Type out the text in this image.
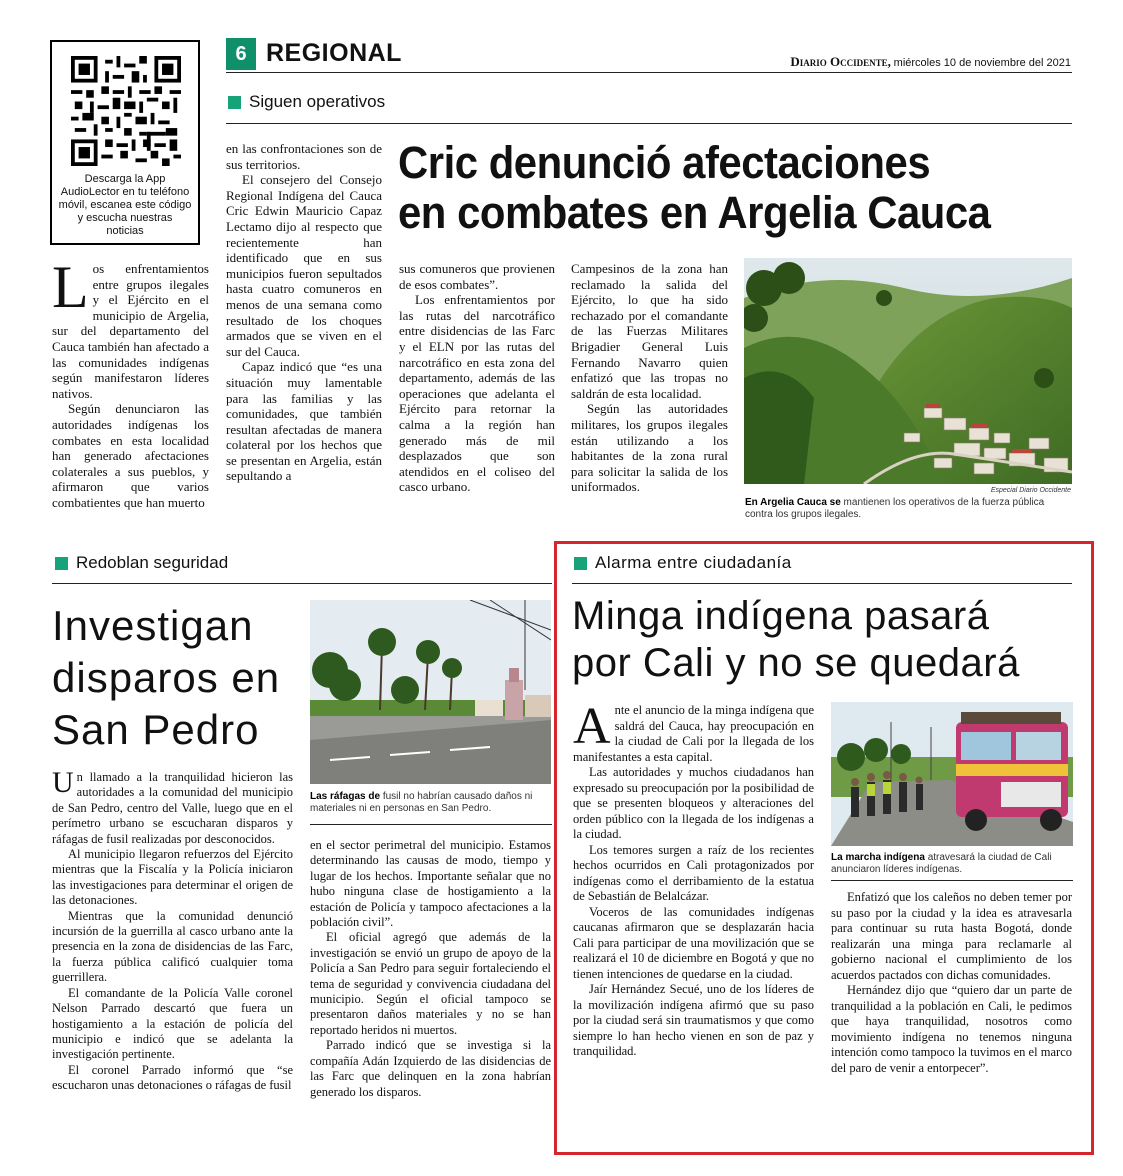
6 REGIONAL	Diario Occidente, miércoles 10 de noviembre del 2021
Descarga la App AudioLector en tu teléfono móvil, escanea este código y escucha nuestras noticias
Siguen operativos
Cric denunció afectaciones
en combates en Argelia Cauca

Los enfrentamientos entre grupos ilegales y el Ejército en el municipio de Argelia, sur del departamento del Cauca también han afectado a las comunidades indígenas según manifestaron líderes nativos.

Según denunciaron las autoridades indígenas los combates en esta localidad han generado afectaciones colaterales a sus pueblos, y afirmaron que varios combatientes que han muerto

en las confrontaciones son de sus territorios.

El consejero del Consejo Regional Indígena del Cauca Cric Edwin Mauricio Capaz Lectamo dijo al respecto que recientemente han identificado que en sus municipios fueron sepultados hasta cuatro comuneros en menos de una semana como resultado de los choques armados que se viven en el sur del Cauca.

Capaz indicó que “es una situación muy lamentable para las familias y las comunidades, que también resultan afectadas de manera colateral por los hechos que se presentan en Argelia, están sepultando a

sus comuneros que provienen de esos combates”.

Los enfrentamientos por las rutas del narcotráfico entre disidencias de las Farc y el ELN por las rutas del narcotráfico en esta zona del departamento, además de las operaciones que adelanta el Ejército para retornar la calma a la región han generado más de mil desplazados que son atendidos en el coliseo del casco urbano.

Campesinos de la zona han reclamado la salida del Ejército, lo que ha sido rechazado por el comandante de las Fuerzas Militares Brigadier General Luis Fernando Navarro quien enfatizó que las tropas no saldrán de esta localidad.

Según las autoridades militares, los grupos ilegales están utilizando a los habitantes de la zona rural para solicitar la salida de los uniformados.	Especial Diario Occidente
En Argelia Cauca se mantienen los operativos de la fuerza pública contra los grupos ilegales.
Redoblan seguridad
Investigan
disparos en
San Pedro
Las ráfagas de fusil no habrían causado daños ni materiales ni en personas en San Pedro.

Un llamado a la tranquilidad hicieron las autoridades a la comunidad del municipio de San Pedro, centro del Valle, luego que en el perímetro urbano se escucharan disparos y ráfagas de fusil realizadas por desconocidos.

Al municipio llegaron refuerzos del Ejército mientras que la Fiscalía y la Policía iniciaron las investigaciones para determinar el origen de las detonaciones.

Mientras que la comunidad denunció incursión de la guerrilla al casco urbano ante la presencia en la zona de disidencias de las Farc, la fuerza pública calificó cualquier toma guerrillera.

El comandante de la Policía Valle coronel Nelson Parrado descartó que fuera un hostigamiento a la estación de policía del municipio e indicó que se adelanta la investigación pertinente.

El coronel Parrado informó que “se escucharon unas detonaciones o ráfagas de fusil

en el sector perimetral del municipio. Estamos determinando las causas de modo, tiempo y lugar de los hechos. Importante señalar que no hubo ninguna clase de hostigamiento a la estación de Policía y tampoco afectaciones a la población civil”.

El oficial agregó que además de la investigación se envió un grupo de apoyo de la Policía a San Pedro para seguir fortaleciendo el tema de seguridad y convivencia ciudadana del municipio. Según el oficial tampoco se presentaron daños materiales y no se han reportado heridos ni muertos.

Parrado indicó que se investiga si la compañía Adán Izquierdo de las disidencias de las Farc que delinquen en la zona habrían generado los disparos.

Alarma entre ciudadanía
Minga indígena pasará
por Cali y no se quedará

Ante el anuncio de la minga indígena que saldrá del Cauca, hay preocupación en la ciudad de Cali por la llegada de los manifestantes a esta capital.

Las autoridades y muchos ciudadanos han expresado su preocupación por la posibilidad de que se presenten bloqueos y alteraciones del orden público con la llegada de los indígenas a la ciudad.

Los temores surgen a raíz de los recientes hechos ocurridos en Cali protagonizados por indígenas como el derribamiento de la estatua de Sebastián de Belalcázar.

Voceros de las comunidades indígenas caucanas afirmaron que se desplazarán hacia Cali para participar de una movilización que se realizará el 10 de diciembre en Bogotá y que no tienen intenciones de quedarse en la ciudad.

Jaír Hernández Secué, uno de los líderes de la movilización indígena afirmó que su paso por la ciudad será sin traumatismos y que como siempre lo han hecho vienen en son de paz y tranquilidad.

La marcha indígena atravesará la ciudad de Cali anunciaron líderes indígenas.

Enfatizó que los caleños no deben temer por su paso por la ciudad y la idea es atravesarla para continuar su ruta hasta Bogotá, donde realizarán una minga para reclamarle al gobierno nacional el cumplimiento de los acuerdos pactados con dichas comunidades.

Hernández dijo que “quiero dar un parte de tranquilidad a la población en Cali, le pedimos que haya tranquilidad, nosotros como movimiento indígena no tenemos ninguna intención como tampoco la tuvimos en el marco del paro de venir a entorpecer”.
